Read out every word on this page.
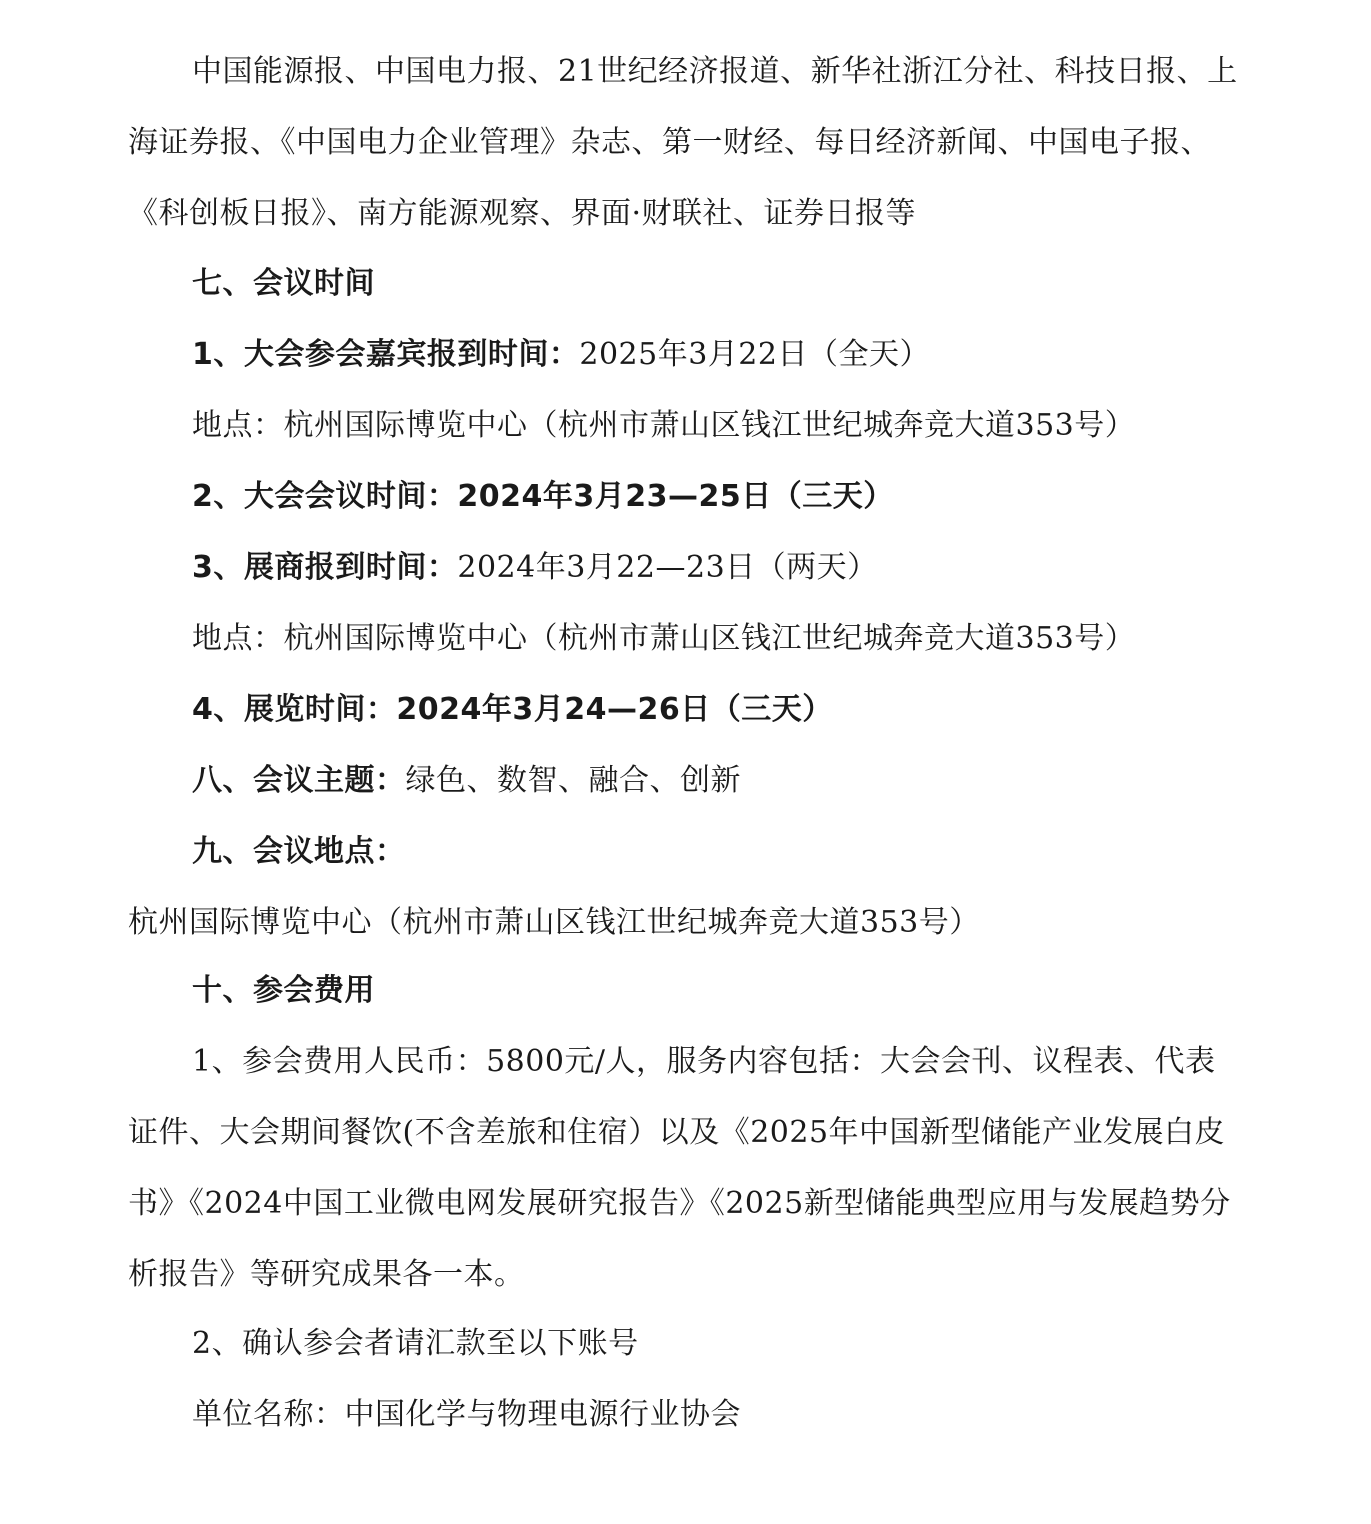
中国能源报、中国电力报、21世纪经济报道、新华社浙江分社、科技日报、上海证券报、《中国电力企业管理》杂志、第一财经、每日经济新闻、中国电子报、《科创板日报》、南方能源观察、界面·财联社、证券日报等

七、会议时间

1、大会参会嘉宾报到时间：2025年3月22日（全天）

地点：杭州国际博览中心（杭州市萧山区钱江世纪城奔竞大道353号）

2、大会会议时间：2024年3月23—25日（三天）

3、展商报到时间：2024年3月22—23日（两天）

地点：杭州国际博览中心（杭州市萧山区钱江世纪城奔竞大道353号）

4、展览时间：2024年3月24—26日（三天）

八、会议主题：绿色、数智、融合、创新

九、会议地点：杭州国际博览中心（杭州市萧山区钱江世纪城奔竞大道353号）

十、参会费用

1、参会费用人民币：5800元/人，服务内容包括：大会会刊、议程表、代表证件、大会期间餐饮(不含差旅和住宿）以及《2025年中国新型储能产业发展白皮书》《2024中国工业微电网发展研究报告》《2025新型储能典型应用与发展趋势分析报告》等研究成果各一本。

2、确认参会者请汇款至以下账号

单位名称：中国化学与物理电源行业协会
